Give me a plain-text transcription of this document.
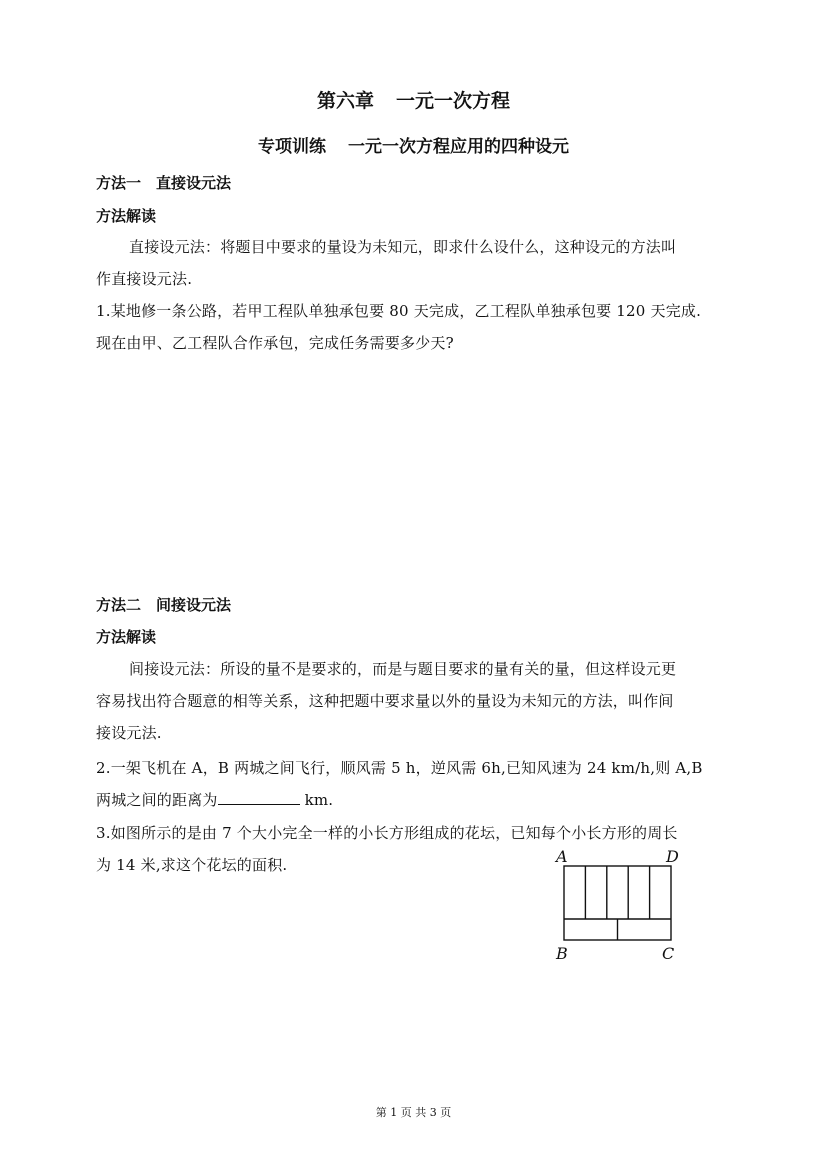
第六章 一元一次方程
专项训练 一元一次方程应用的四种设元
方法一　直接设元法
方法解读
直接设元法：将题目中要求的量设为未知元，即求什么设什么，这种设元的方法叫
作直接设元法.
1.某地修一条公路，若甲工程队单独承包要 80 天完成，乙工程队单独承包要 120 天完成.
现在由甲、乙工程队合作承包，完成任务需要多少天?
方法二　间接设元法
方法解读
间接设元法：所设的量不是要求的，而是与题目要求的量有关的量，但这样设元更
容易找出符合题意的相等关系，这种把题中要求量以外的量设为未知元的方法，叫作间
接设元法.
2.一架飞机在 A，B 两城之间飞行，顺风需 5 h，逆风需 6h,已知风速为 24 km/h,则 A,B
两城之间的距离为	km.
3.如图所示的是由 7 个大小完全一样的小长方形组成的花坛，已知每个小长方形的周长
为 14 米,求这个花坛的面积.	A	D
B	C
第 1 页 共 3 页
